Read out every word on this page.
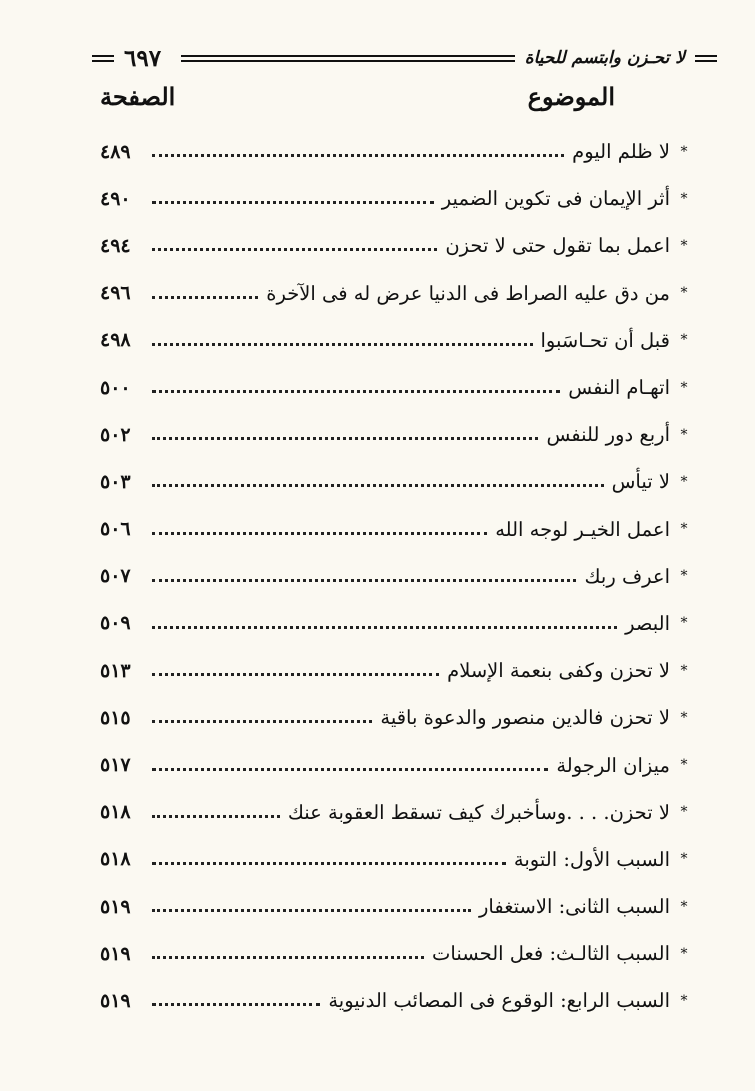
٦٩٧	لا تحـزن وابتسم للحياة
الموضوع
الصفحة
*
لا ظلم اليوم
٤٨٩
*
أثر الإيمان فى تكوين الضمير
٤٩٠
*
اعمل بما تقول حتى لا تحزن
٤٩٤
*
من دق عليه الصراط فى الدنيا عرض له فى الآخرة
٤٩٦
*
قبل أن تحـاسَبوا
٤٩٨
*
اتهـام النفس
٥٠٠
*
أربع دور للنفس
٥٠٢
*
لا تيأس
٥٠٣
*
اعمل الخيـر لوجه الله
٥٠٦
*
اعرف ربك
٥٠٧
*
البصر
٥٠٩
*
لا تحزن وكفى بنعمة الإسلام
٥١٣
*
لا تحزن فالدين منصور والدعوة باقية
٥١٥
*
ميزان الرجولة
٥١٧
*
لا تحزن. . . .وسأخبرك كيف تسقط العقوبة عنك
٥١٨
*
السبب الأول: التوبة
٥١٨
*
السبب الثانى: الاستغفار
٥١٩
*
السبب الثالـث: فعل الحسنات
٥١٩
*
السبب الرابع: الوقوع فى المصائب الدنيوية
٥١٩
